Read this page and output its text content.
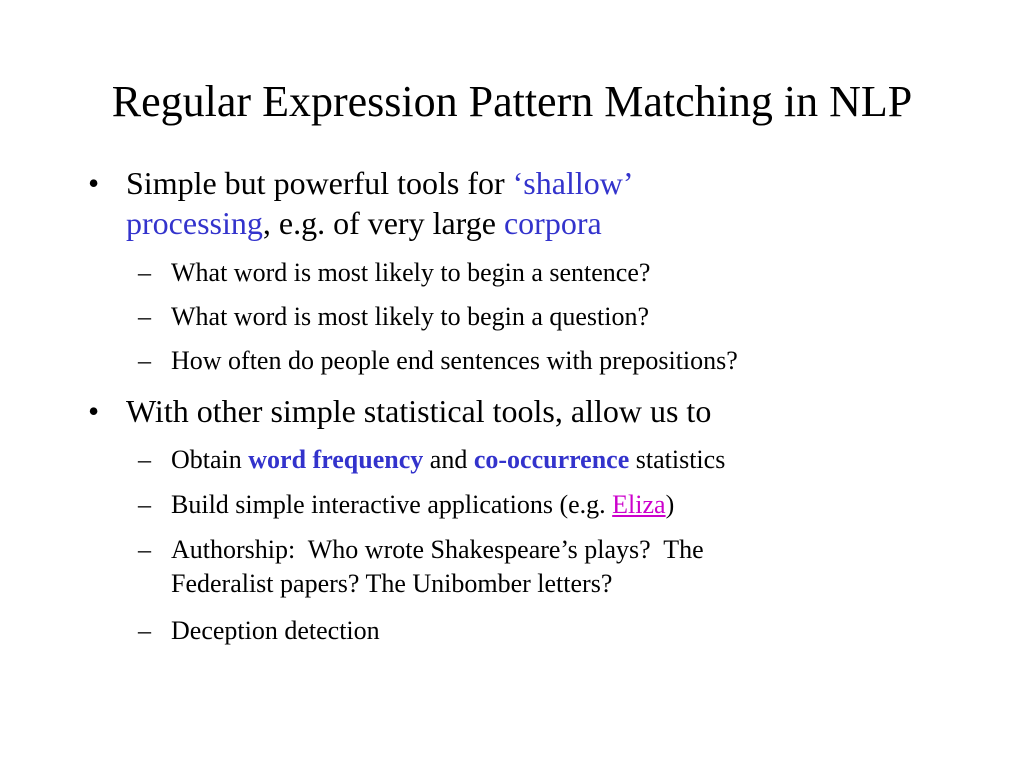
Regular Expression Pattern Matching in NLP
• Simple but powerful tools for ‘shallow’
processing, e.g. of very large corpora
– What word is most likely to begin a sentence?
– What word is most likely to begin a question?
– How often do people end sentences with prepositions?
• With other simple statistical tools, allow us to
– Obtain word frequency and co-occurrence statistics
– Build simple interactive applications (e.g. Eliza)
– Authorship:  Who wrote Shakespeare’s plays?  The
Federalist papers? The Unibomber letters?
– Deception detection
